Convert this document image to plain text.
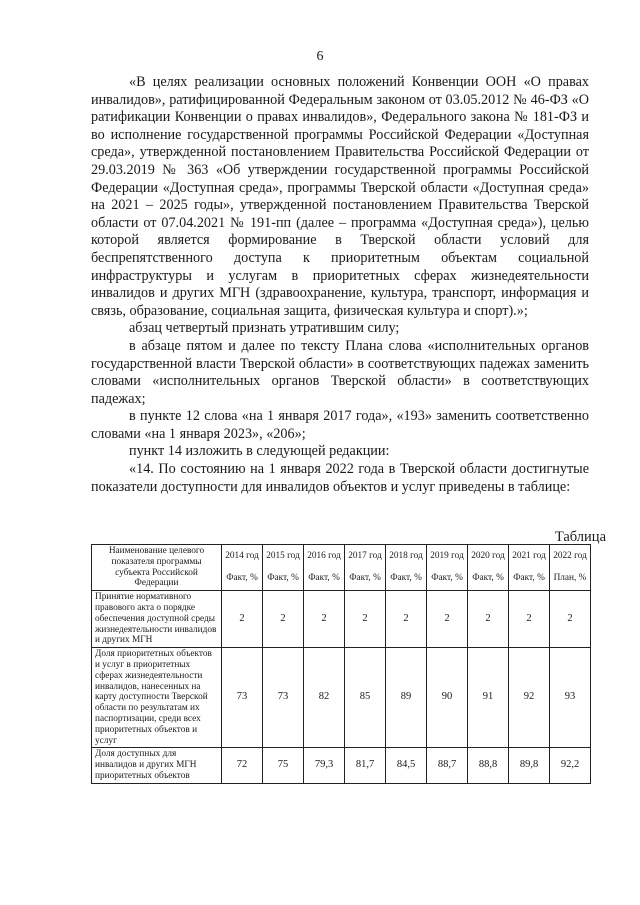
6

«В целях реализации основных положений Конвенции ООН «О правах инвалидов», ратифицированной Федеральным законом от 03.05.2012 № 46-ФЗ «О ратификации Конвенции о правах инвалидов», Федерального закона № 181-ФЗ и во исполнение государственной программы Российской Федерации «Доступная среда», утвержденной постановлением Правительства Российской Федерации от 29.03.2019 № 363 «Об утверждении государственной программы Российской Федерации «Доступная среда», программы Тверской области «Доступная среда» на 2021 – 2025 годы», утвержденной постановлением Правительства Тверской области от 07.04.2021 № 191-пп (далее – программа «Доступная среда»), целью которой является формирование в Тверской области условий для беспрепятственного доступа к приоритетным объектам социальной инфраструктуры и услугам в приоритетных сферах жизнедеятельности инвалидов и других МГН (здравоохранение, культура, транспорт, информация и связь, образование, социальная защита, физическая культура и спорт).»;

абзац четвертый признать утратившим силу;

в абзаце пятом и далее по тексту Плана слова «исполнительных органов государственной власти Тверской области» в соответствующих падежах заменить словами «исполнительных органов Тверской области» в соответствующих падежах;

в пункте 12 слова «на 1 января 2017 года», «193» заменить соответственно словами «на 1 января 2023», «206»;

пункт 14 изложить в следующей редакции:

«14. По состоянию на 1 января 2022 года в Тверской области достигнутые показатели доступности для инвалидов объектов и услуг приведены в таблице:

Таблица
Наименование целевого показателя программы субъекта Российской Федерации	2014 год	2015 год	2016 год	2017 год	2018 год	2019 год	2020 год	2021 год	2022 год
	Факт, %	Факт, %	Факт, %	Факт, %	Факт, %	Факт, %	Факт, %	Факт, %	План, %
Принятие нормативного правового акта о порядке обеспечения доступной среды жизнедеятельности инвалидов и других МГН	2	2	2	2	2	2	2	2	2
Доля приоритетных объектов и услуг в приоритетных сферах жизнедеятельности инвалидов, нанесенных на карту доступности Тверской области по результатам их паспортизации, среди всех приоритетных объектов и услуг	73	73	82	85	89	90	91	92	93
Доля доступных для инвалидов и других МГН приоритетных объектов	72	75	79,3	81,7	84,5	88,7	88,8	89,8	92,2
